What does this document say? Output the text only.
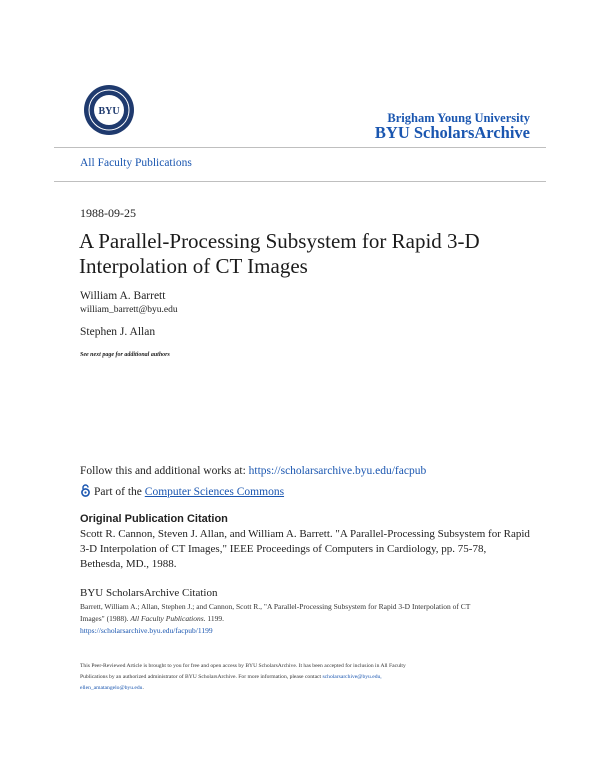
BYU	Brigham Young University
BYU ScholarsArchive
All Faculty Publications
1988-09-25
A Parallel-Processing Subsystem for Rapid 3-D
Interpolation of CT Images
William A. Barrett
william_barrett@byu.edu
Stephen J. Allan
See next page for additional authors
Follow this and additional works at: https://scholarsarchive.byu.edu/facpub
Part of the Computer Sciences Commons
Original Publication Citation
Scott R. Cannon, Steven J. Allan, and William A. Barrett. "A Parallel-Processing Subsystem for Rapid
3-D Interpolation of CT Images," IEEE Proceedings of Computers in Cardiology, pp. 75-78,
Bethesda, MD., 1988.
BYU ScholarsArchive Citation
Barrett, William A.; Allan, Stephen J.; and Cannon, Scott R., "A Parallel-Processing Subsystem for Rapid 3-D Interpolation of CT
Images" (1988). All Faculty Publications. 1199.
https://scholarsarchive.byu.edu/facpub/1199
This Peer-Reviewed Article is brought to you for free and open access by BYU ScholarsArchive. It has been accepted for inclusion in All Faculty
Publications by an authorized administrator of BYU ScholarsArchive. For more information, please contact scholarsarchive@byu.edu,
ellen_amatangelo@byu.edu.
